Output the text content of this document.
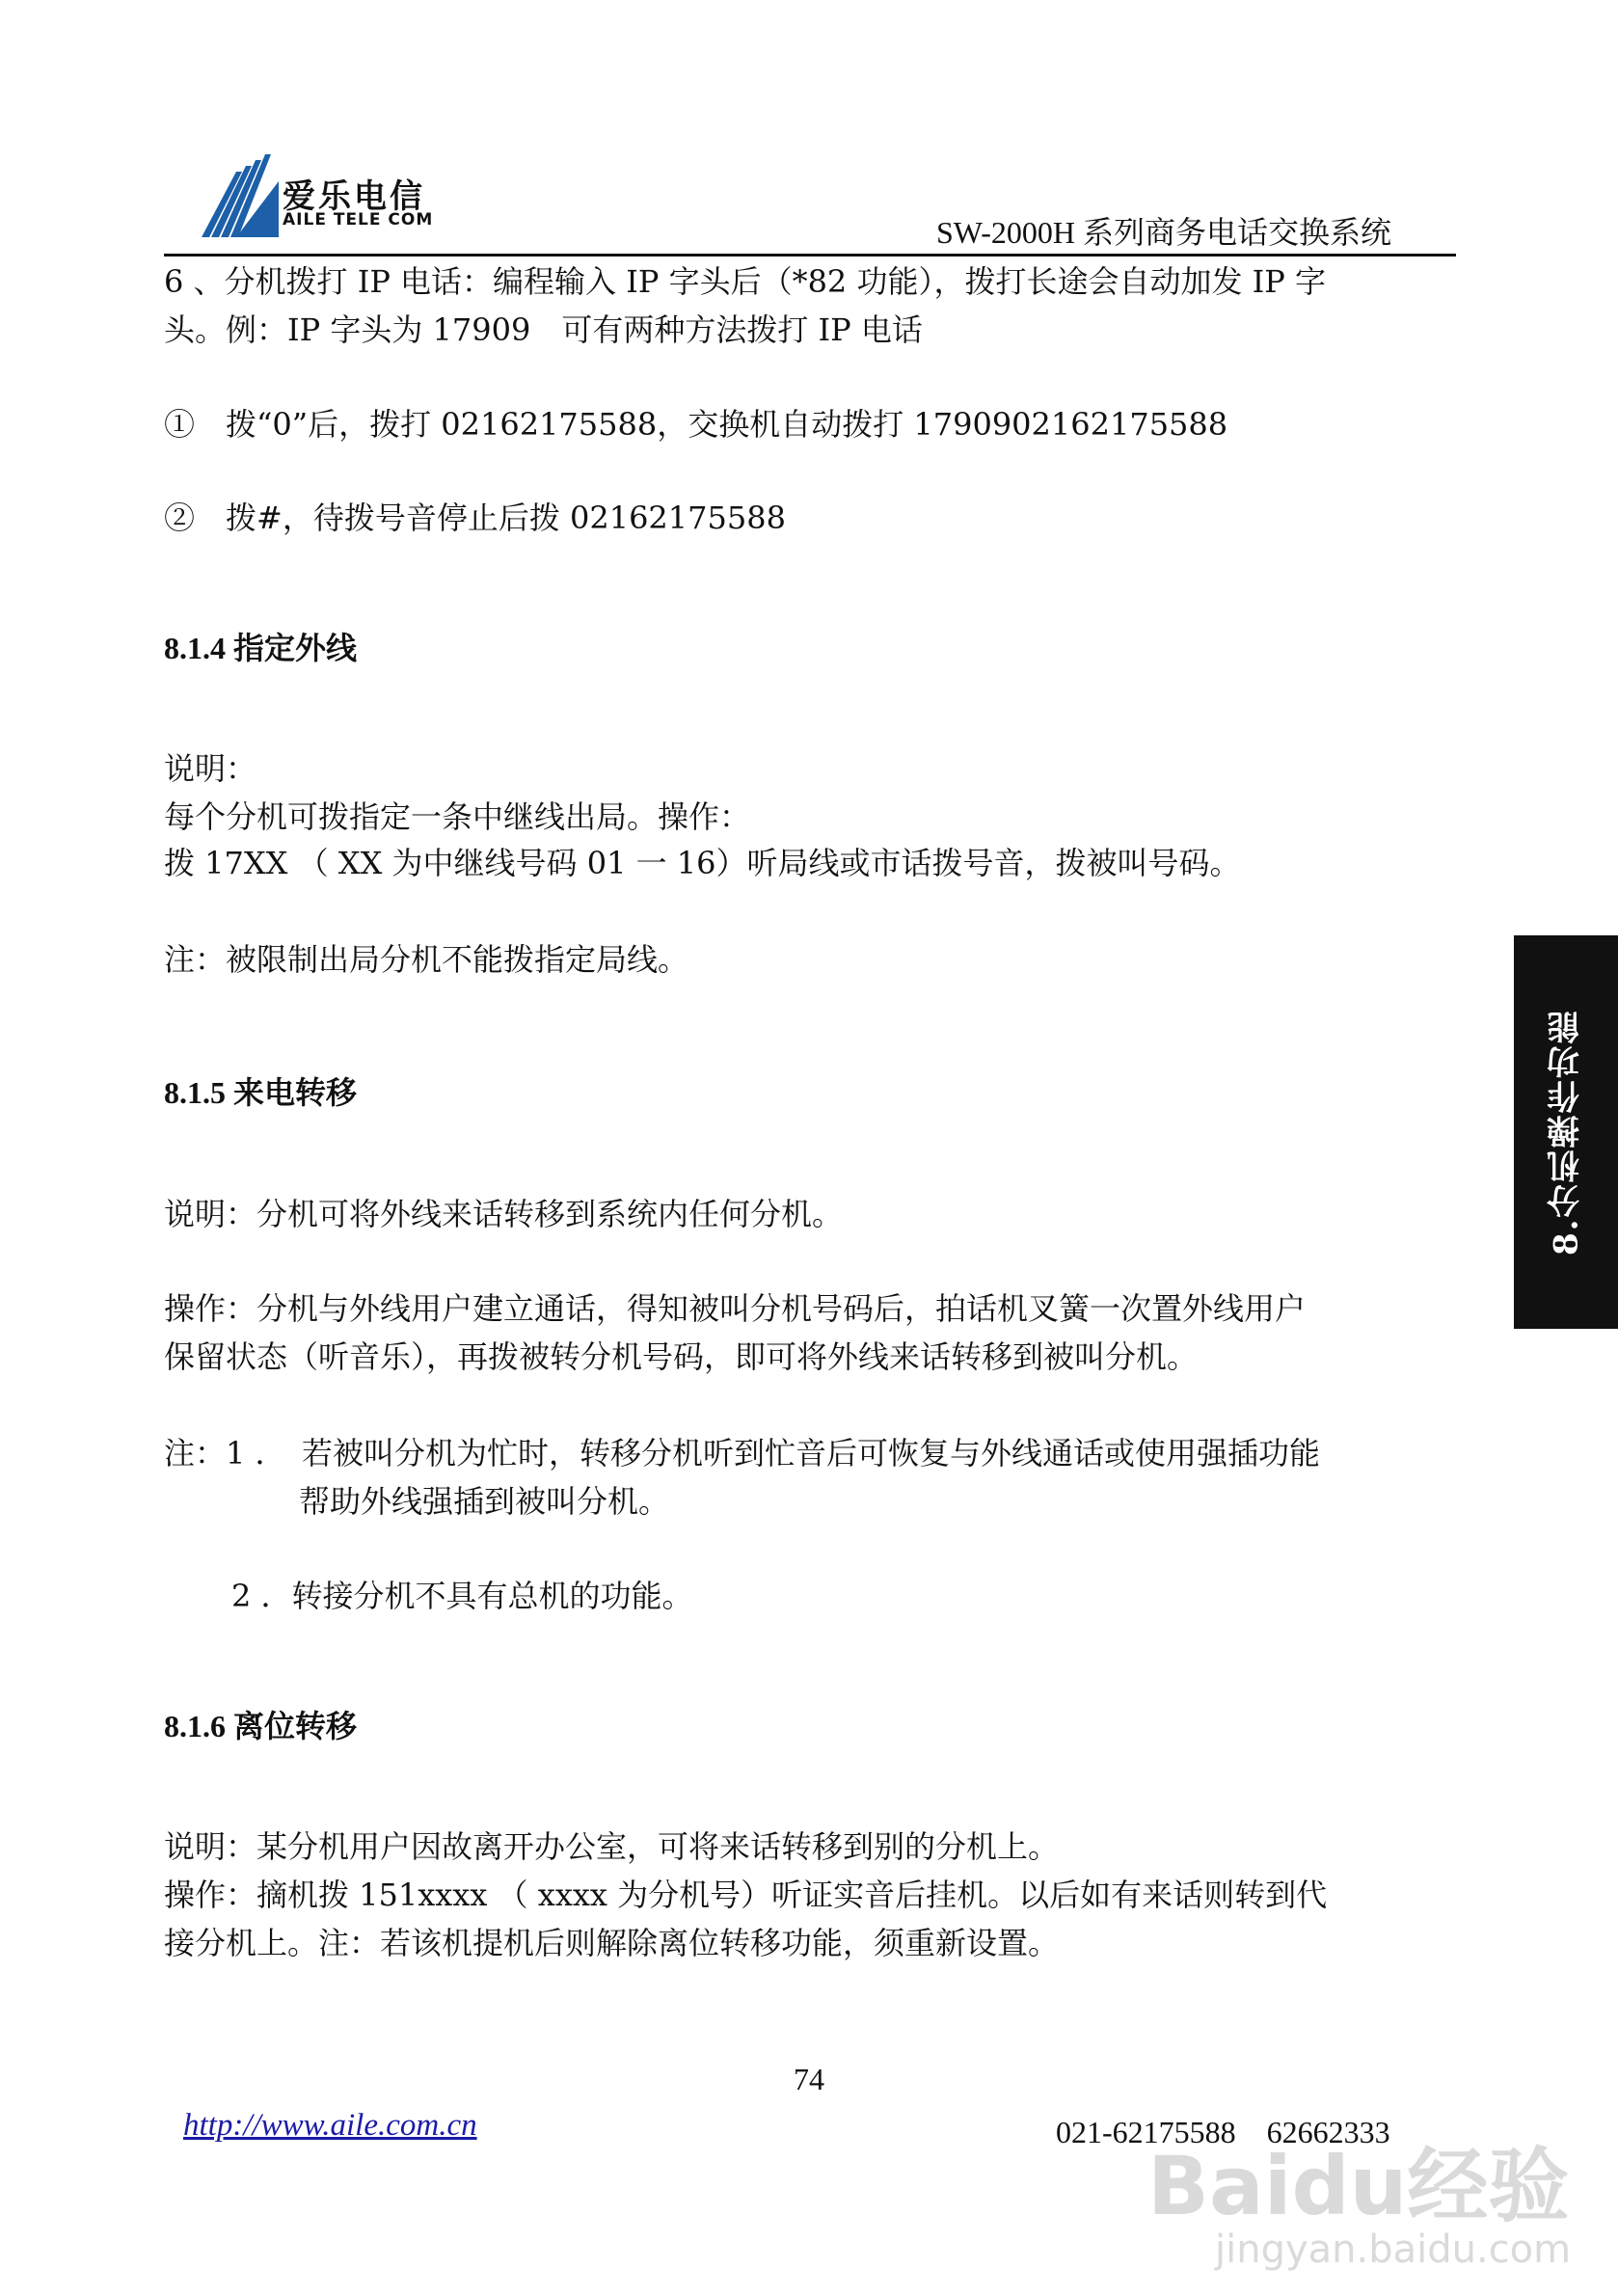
爱乐电信
AILE TELE COM	SW-2000H 系列商务电话交换系统

6 、分机拨打 IP 电话：编程输入 IP 字头后（*82 功能），拨打长途会自动加发 IP 字

头。例：IP 字头为 17909　可有两种方法拨打 IP 电话

①　拨“0”后，拨打 02162175588，交换机自动拨打 1790902162175588

②　拨#，待拨号音停止后拨 02162175588

8.1.4 指定外线

说明：

每个分机可拨指定一条中继线出局。操作：

拨 17XX （ XX 为中继线号码 01 一 16）听局线或市话拨号音，拨被叫号码。

注：被限制出局分机不能拨指定局线。

8.1.5 来电转移

说明：分机可将外线来话转移到系统内任何分机。

操作：分机与外线用户建立通话，得知被叫分机号码后，拍话机叉簧一次置外线用户

保留状态（听音乐），再拨被转分机号码，即可将外线来话转移到被叫分机。

注：1 ． 若被叫分机为忙时，转移分机听到忙音后可恢复与外线通话或使用强插功能
帮助外线强插到被叫分机。
2 ．转接分机不具有总机的功能。
8.1.6 离位转移

说明：某分机用户因故离开办公室，可将来话转移到别的分机上。

操作：摘机拨 151xxxx （ xxxx 为分机号）听证实音后挂机。以后如有来话则转到代

接分机上。注：若该机提机后则解除离位转移功能，须重新设置。

8.分机操作功能
74
http://www.aile.com.cn	021-62175588　62662333
Baidu经验
jingyan.baidu.com
